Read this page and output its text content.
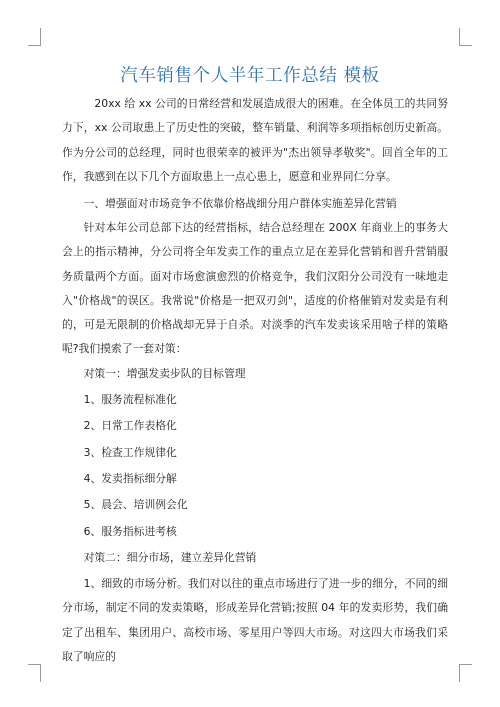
汽车销售个人半年工作总结 模板

20xx 给 xx 公司的日常经营和发展造成很大的困难。在全体员工的共同努力下，xx 公司取患上了历史性的突破，整车销量、利润等多项指标创历史新高。作为分公司的总经理，同时也很荣幸的被评为"杰出领导孝敬奖"。回首全年的工作，我感到在以下几个方面取患上一点心患上，愿意和业界同仁分享。

一、增强面对市场竞争不依靠价格战细分用户群体实施差异化营销

针对本年公司总部下达的经营指标，结合总经理在 200X 年商业上的事务大会上的指示精神，分公司将全年发卖工作的重点立足在差异化营销和晋升营销服务质量两个方面。面对市场愈演愈烈的价格竞争，我们汉阳分公司没有一味地走入"价格战"的误区。我常说"价格是一把双刃剑"，适度的价格催销对发卖是有利的，可是无限制的价格战却无异于自杀。对淡季的汽车发卖该采用啥子样的策略呢?我们摸索了一套对策：

对策一：增强发卖步队的目标管理

1、服务流程标准化

2、日常工作表格化

3、检查工作规律化

4、发卖指标细分解

5、晨会、培训例会化

6、服务指标进考核

对策二：细分市场，建立差异化营销

1、细致的市场分析。我们对以往的重点市场进行了进一步的细分，不同的细分市场，制定不同的发卖策略，形成差异化营销;按照 04 年的发卖形势，我们确定了出租车、集团用户、高校市场、零星用户等四大市场。对这四大市场我们采取了响应的
